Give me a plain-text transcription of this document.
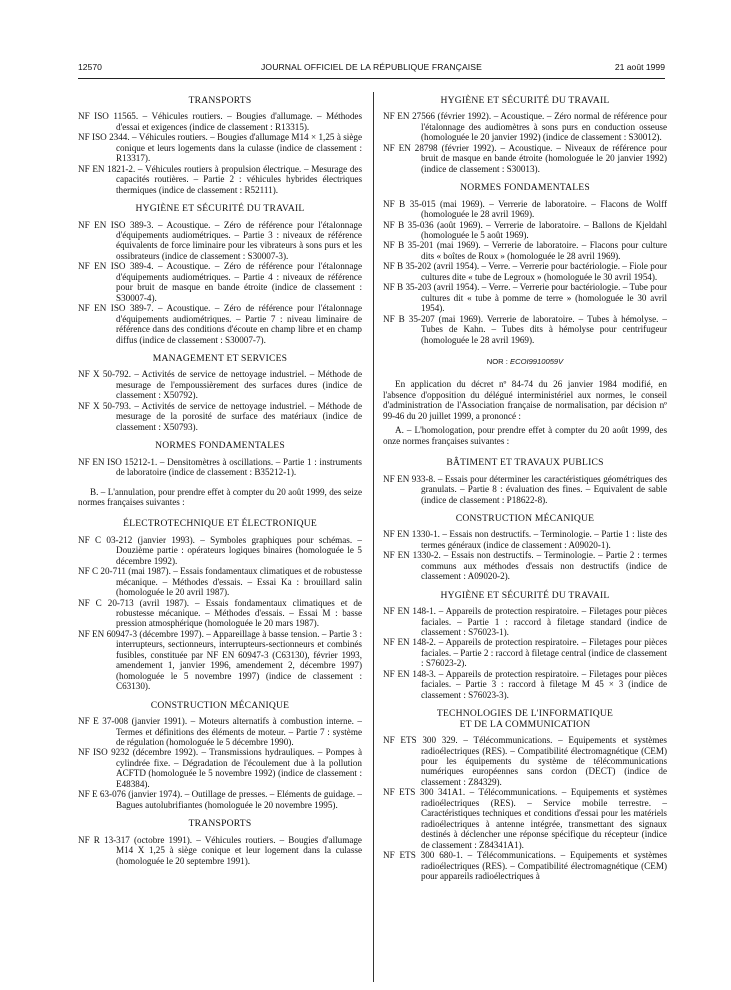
12570	JOURNAL OFFICIEL DE LA RÉPUBLIQUE FRANÇAISE	21 août 1999
TRANSPORTS

NF ISO 11565. – Véhicules routiers. – Bougies d'allumage. – Méthodes d'essai et exigences (indice de classement : R13315).

NF ISO 2344. – Véhicules routiers. – Bougies d'allumage M14 × 1,25 à siège conique et leurs logements dans la culasse (indice de classement : R13317).

NF EN 1821-2. – Véhicules routiers à propulsion électrique. – Mesurage des capacités routières. – Partie 2 : véhicules hybrides électriques thermiques (indice de classement : R52111).

HYGIÈNE ET SÉCURITÉ DU TRAVAIL

NF EN ISO 389-3. – Acoustique. – Zéro de référence pour l'étalonnage d'équipements audiométriques. – Partie 3 : niveaux de référence équivalents de force liminaire pour les vibrateurs à sons purs et les ossibrateurs (indice de classement : S30007-3).

NF EN ISO 389-4. – Acoustique. – Zéro de référence pour l'étalonnage d'équipements audiométriques. – Partie 4 : niveaux de référence pour bruit de masque en bande étroite (indice de classement : S30007-4).

NF EN ISO 389-7. – Acoustique. – Zéro de référence pour l'étalonnage d'équipements audiométriques. – Partie 7 : niveau liminaire de référence dans des conditions d'écoute en champ libre et en champ diffus (indice de classement : S30007-7).

MANAGEMENT ET SERVICES

NF X 50-792. – Activités de service de nettoyage industriel. – Méthode de mesurage de l'empoussièrement des surfaces dures (indice de classement : X50792).

NF X 50-793. – Activités de service de nettoyage industriel. – Méthode de mesurage de la porosité de surface des matériaux (indice de classement : X50793).

NORMES FONDAMENTALES

NF EN ISO 15212-1. – Densitomètres à oscillations. – Partie 1 : instruments de laboratoire (indice de classement : B35212-1).

B. – L'annulation, pour prendre effet à compter du 20 août 1999, des seize normes françaises suivantes :

ÉLECTROTECHNIQUE ET ÉLECTRONIQUE

NF C 03-212 (janvier 1993). – Symboles graphiques pour schémas. – Douzième partie : opérateurs logiques binaires (homologuée le 5 décembre 1992).

NF C 20-711 (mai 1987). – Essais fondamentaux climatiques et de robustesse mécanique. – Méthodes d'essais. – Essai Ka : brouillard salin (homologuée le 20 avril 1987).

NF C 20-713 (avril 1987). – Essais fondamentaux climatiques et de robustesse mécanique. – Méthodes d'essais. – Essai M : basse pression atmosphérique (homologuée le 20 mars 1987).

NF EN 60947-3 (décembre 1997). – Appareillage à basse tension. – Partie 3 : interrupteurs, sectionneurs, interrupteurs-sectionneurs et combinés fusibles, constituée par NF EN 60947-3 (C63130), février 1993, amendement 1, janvier 1996, amendement 2, décembre 1997) (homologuée le 5 novembre 1997) (indice de classement : C63130).

CONSTRUCTION MÉCANIQUE

NF E 37-008 (janvier 1991). – Moteurs alternatifs à combustion interne. – Termes et définitions des éléments de moteur. – Partie 7 : système de régulation (homologuée le 5 décembre 1990).

NF ISO 9232 (décembre 1992). – Transmissions hydrauliques. – Pompes à cylindrée fixe. – Dégradation de l'écoulement due à la pollution ACFTD (homologuée le 5 novembre 1992) (indice de classement : E48384).

NF E 63-076 (janvier 1974). – Outillage de presses. – Eléments de guidage. – Bagues autolubrifiantes (homologuée le 20 novembre 1995).

TRANSPORTS

NF R 13-317 (octobre 1991). – Véhicules routiers. – Bougies d'allumage M14 X 1,25 à siège conique et leur logement dans la culasse (homologuée le 20 septembre 1991).

HYGIÈNE ET SÉCURITÉ DU TRAVAIL

NF EN 27566 (février 1992). – Acoustique. – Zéro normal de référence pour l'étalonnage des audiomètres à sons purs en conduction osseuse (homologuée le 20 janvier 1992) (indice de classement : S30012).

NF EN 28798 (février 1992). – Acoustique. – Niveaux de référence pour bruit de masque en bande étroite (homologuée le 20 janvier 1992) (indice de classement : S30013).

NORMES FONDAMENTALES

NF B 35-015 (mai 1969). – Verrerie de laboratoire. – Flacons de Wolff (homologuée le 28 avril 1969).

NF B 35-036 (août 1969). – Verrerie de laboratoire. – Ballons de Kjeldahl (homologuée le 5 août 1969).

NF B 35-201 (mai 1969). – Verrerie de laboratoire. – Flacons pour culture dits « boîtes de Roux » (homologuée le 28 avril 1969).

NF B 35-202 (avril 1954). – Verre. – Verrerie pour bactériologie. – Fiole pour cultures dite « tube de Legroux » (homologuée le 30 avril 1954).

NF B 35-203 (avril 1954). – Verre. – Verrerie pour bactériologie. – Tube pour cultures dit « tube à pomme de terre » (homologuée le 30 avril 1954).

NF B 35-207 (mai 1969). Verrerie de laboratoire. – Tubes à hémolyse. – Tubes de Kahn. – Tubes dits à hémolyse pour centrifugeur (homologuée le 28 avril 1969).

NOR : ECOI9910059V

En application du décret nº 84-74 du 26 janvier 1984 modifié, en l'absence d'opposition du délégué interministériel aux normes, le conseil d'administration de l'Association française de normalisation, par décision nº 99-46 du 20 juillet 1999, a prononcé :

A. – L'homologation, pour prendre effet à compter du 20 août 1999, des onze normes françaises suivantes :

BÂTIMENT ET TRAVAUX PUBLICS

NF EN 933-8. – Essais pour déterminer les caractéristiques géométriques des granulats. – Partie 8 : évaluation des fines. – Equivalent de sable (indice de classement : P18622-8).

CONSTRUCTION MÉCANIQUE

NF EN 1330-1. – Essais non destructifs. – Terminologie. – Partie 1 : liste des termes généraux (indice de classement : A09020-1).

NF EN 1330-2. – Essais non destructifs. – Terminologie. – Partie 2 : termes communs aux méthodes d'essais non destructifs (indice de classement : A09020-2).

HYGIÈNE ET SÉCURITÉ DU TRAVAIL

NF EN 148-1. – Appareils de protection respiratoire. – Filetages pour pièces faciales. – Partie 1 : raccord à filetage standard (indice de classement : S76023-1).

NF EN 148-2. – Appareils de protection respiratoire. – Filetages pour pièces faciales. – Partie 2 : raccord à filetage central (indice de classement : S76023-2).

NF EN 148-3. – Appareils de protection respiratoire. – Filetages pour pièces faciales. – Partie 3 : raccord à filetage M 45 × 3 (indice de classement : S76023-3).

TECHNOLOGIES DE L'INFORMATIQUE
ET DE LA COMMUNICATION

NF ETS 300 329. – Télécommunications. – Equipements et systèmes radioélectriques (RES). – Compatibilité électromagnétique (CEM) pour les équipements du système de télécommunications numériques européennes sans cordon (DECT) (indice de classement : Z84329).

NF ETS 300 341A1. – Télécommunications. – Equipements et systèmes radioélectriques (RES). – Service mobile terrestre. – Caractéristiques techniques et conditions d'essai pour les matériels radioélectriques à antenne intégrée, transmettant des signaux destinés à déclencher une réponse spécifique du récepteur (indice de classement : Z84341A1).

NF ETS 300 680-1. – Télécommunications. – Equipements et systèmes radioélectriques (RES). – Compatibilité électromagnétique (CEM) pour appareils radioélectriques à
